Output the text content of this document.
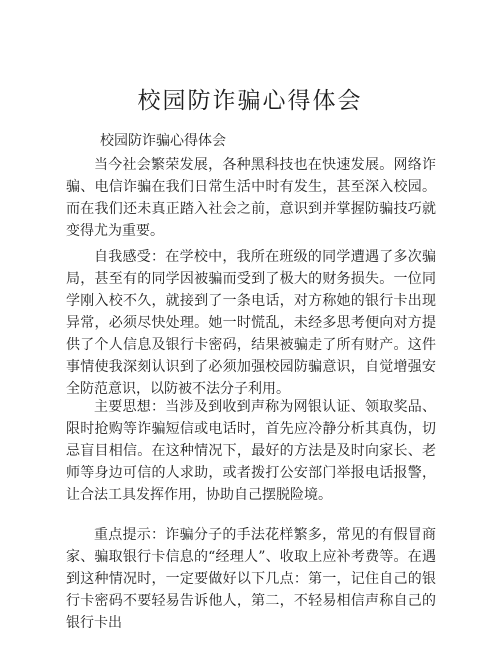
校园防诈骗心得体会

校园防诈骗心得体会

当今社会繁荣发展，各种黑科技也在快速发展。网络诈骗、电信诈骗在我们日常生活中时有发生，甚至深入校园。而在我们还未真正踏入社会之前，意识到并掌握防骗技巧就变得尤为重要。

自我感受：在学校中，我所在班级的同学遭遇了多次骗局，甚至有的同学因被骗而受到了极大的财务损失。一位同学刚入校不久，就接到了一条电话，对方称她的银行卡出现异常，必须尽快处理。她一时慌乱，未经多思考便向对方提供了个人信息及银行卡密码，结果被骗走了所有财产。这件事情使我深刻认识到了必须加强校园防骗意识，自觉增强安全防范意识，以防被不法分子利用。

主要思想：当涉及到收到声称为网银认证、领取奖品、限时抢购等诈骗短信或电话时，首先应冷静分析其真伪，切忌盲目相信。在这种情况下，最好的方法是及时向家长、老师等身边可信的人求助，或者拨打公安部门举报电话报警，让合法工具发挥作用，协助自己摆脱险境。

重点提示：诈骗分子的手法花样繁多，常见的有假冒商家、骗取银行卡信息的“经理人”、收取上应补考费等。在遇到这种情况时，一定要做好以下几点：第一，记住自己的银行卡密码不要轻易告诉他人，第二，不轻易相信声称自己的银行卡出
